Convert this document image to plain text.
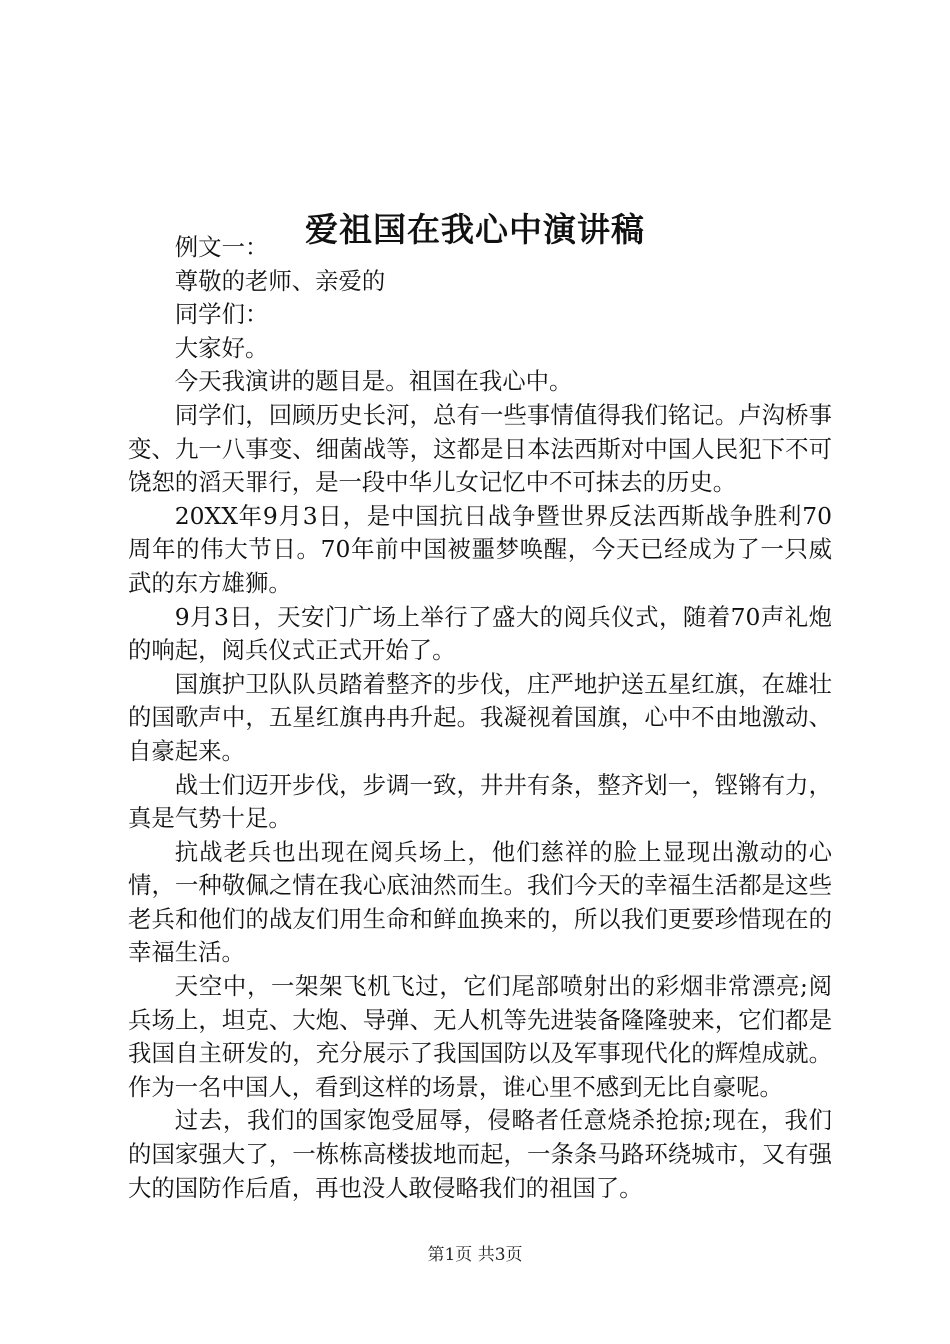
爱祖国在我心中演讲稿

例文一：

尊敬的老师、亲爱的

同学们：

大家好。

今天我演讲的题目是。祖国在我心中。

同学们，回顾历史长河，总有一些事情值得我们铭记。卢沟桥事变、九一八事变、细菌战等，这都是日本法西斯对中国人民犯下不可饶恕的滔天罪行，是一段中华儿女记忆中不可抹去的历史。

20XX年9月3日，是中国抗日战争暨世界反法西斯战争胜利70周年的伟大节日。70年前中国被噩梦唤醒，今天已经成为了一只威武的东方雄狮。

9月3日，天安门广场上举行了盛大的阅兵仪式，随着70声礼炮的响起，阅兵仪式正式开始了。

国旗护卫队队员踏着整齐的步伐，庄严地护送五星红旗，在雄壮的国歌声中，五星红旗冉冉升起。我凝视着国旗，心中不由地激动、自豪起来。

战士们迈开步伐，步调一致，井井有条，整齐划一，铿锵有力，真是气势十足。

抗战老兵也出现在阅兵场上，他们慈祥的脸上显现出激动的心情，一种敬佩之情在我心底油然而生。我们今天的幸福生活都是这些老兵和他们的战友们用生命和鲜血换来的，所以我们更要珍惜现在的幸福生活。

天空中，一架架飞机飞过，它们尾部喷射出的彩烟非常漂亮;阅兵场上，坦克、大炮、导弹、无人机等先进装备隆隆驶来，它们都是我国自主研发的，充分展示了我国国防以及军事现代化的辉煌成就。作为一名中国人，看到这样的场景，谁心里不感到无比自豪呢。

过去，我们的国家饱受屈辱，侵略者任意烧杀抢掠;现在，我们的国家强大了，一栋栋高楼拔地而起，一条条马路环绕城市，又有强大的国防作后盾，再也没人敢侵略我们的祖国了。

第1页 共3页
